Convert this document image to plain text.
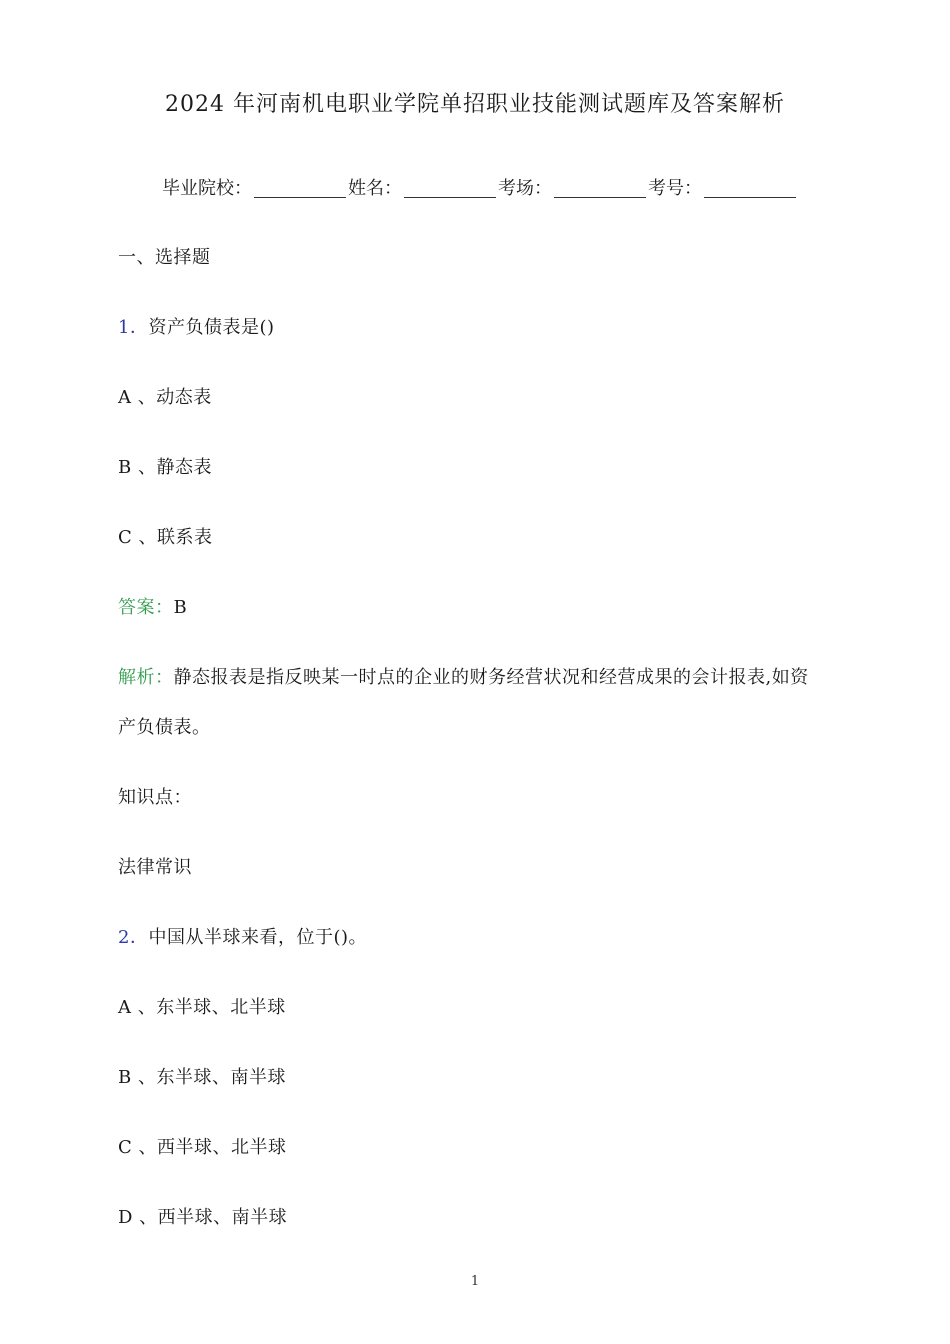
2024 年河南机电职业学院单招职业技能测试题库及答案解析
毕业院校：	姓名：	考场：	考号：
一、选择题
1．资产负债表是()
A 、动态表
B 、静态表
C 、联系表
答案：B
解析：静态报表是指反映某一时点的企业的财务经营状况和经营成果的会计报表,如资
产负债表。
知识点：
法律常识
2．中国从半球来看，位于()。
A 、东半球、北半球
B 、东半球、南半球
C 、西半球、北半球
D 、西半球、南半球
1
